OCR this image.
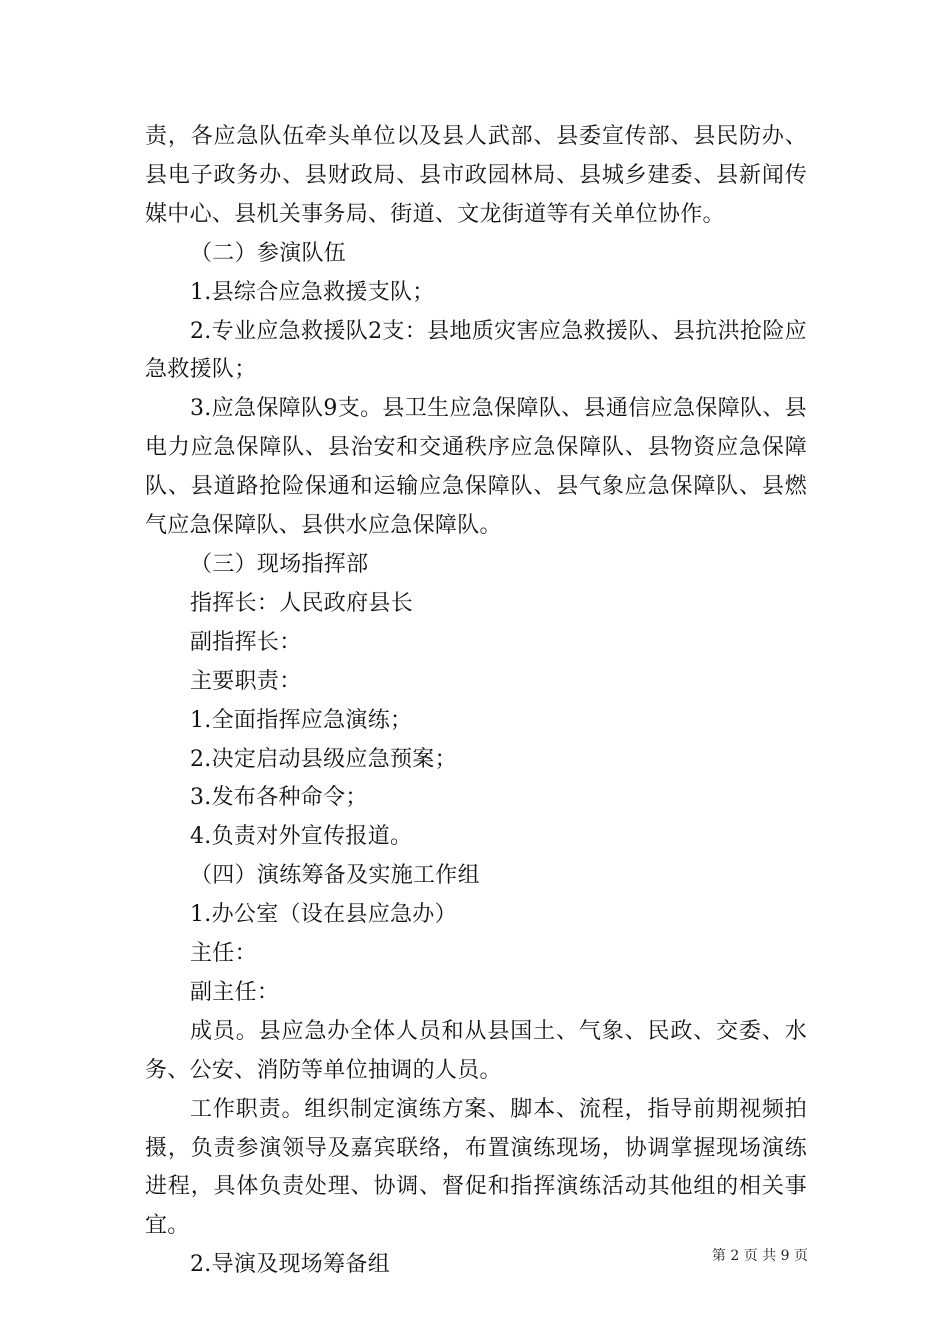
责，各应急队伍牵头单位以及县人武部、县委宣传部、县民防办、县电子政务办、县财政局、县市政园林局、县城乡建委、县新闻传媒中心、县机关事务局、街道、文龙街道等有关单位协作。

（二）参演队伍

1.县综合应急救援支队；

2.专业应急救援队2支：县地质灾害应急救援队、县抗洪抢险应急救援队；

3.应急保障队9支。县卫生应急保障队、县通信应急保障队、县电力应急保障队、县治安和交通秩序应急保障队、县物资应急保障队、县道路抢险保通和运输应急保障队、县气象应急保障队、县燃气应急保障队、县供水应急保障队。

（三）现场指挥部

指挥长：人民政府县长

副指挥长：

主要职责：

1.全面指挥应急演练；

2.决定启动县级应急预案；

3.发布各种命令；

4.负责对外宣传报道。

（四）演练筹备及实施工作组

1.办公室（设在县应急办）

主任：

副主任：

成员。县应急办全体人员和从县国土、气象、民政、交委、水务、公安、消防等单位抽调的人员。

工作职责。组织制定演练方案、脚本、流程，指导前期视频拍摄，负责参演领导及嘉宾联络，布置演练现场，协调掌握现场演练进程，具体负责处理、协调、督促和指挥演练活动其他组的相关事宜。

2.导演及现场筹备组	第 2 页 共 9 页
